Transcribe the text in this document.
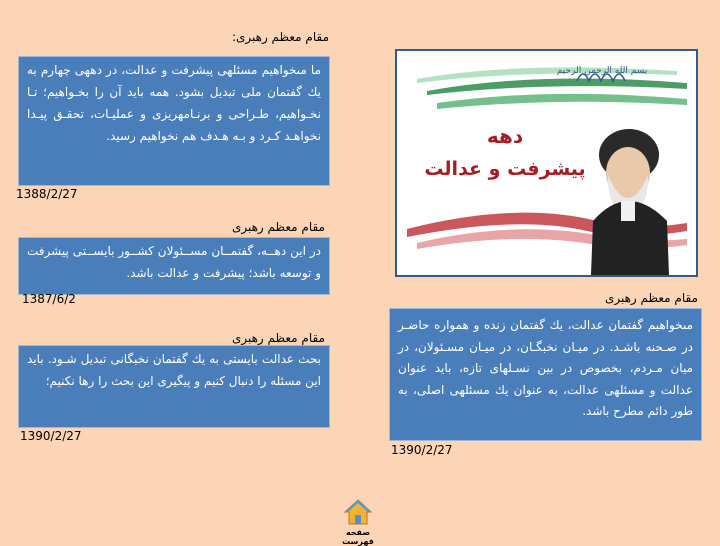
مقام معظم رهبری:
ما مىخواهيم مسئلهى پيشرفت و عدالت، در دههى چهارم به يك گفتمان ملى تبديل بشود. همه بايد آن را بخـواهيم؛ تـا نخـواهيم، طـراحى و برنـامهريزى و عمليـات، تحقـق پيـدا نخواهـد كـرد و بـه هـدف هم نخواهيم رسيد.
1388/2/27
مقام معظم رهبری
در اين دهــه، گفتمــان مســئولان كشــور بايســتى پيشرفت و توسعه باشد؛ پيشرفت و عدالت باشد.
1387/6/2
مقام معظم رهبری
بحث عدالت بايستى به يك گفتمان نخبگانى تبديل شـود. بايد اين مسئله را دنبال كنيم و پيگيرى اين بحث را رها نكنيم؛
1390/2/27
بسم الله الرحمن الرحيم
دهه
پيشرفت و عدالت
مقام معظم رهبری
مىخواهيم گفتمان عدالت، يك گفتمان زنده و همواره حاضـر در صـحنه باشـد. در ميـان نخبگـان، در ميـان مسـئولان، در ميان مـردم، بخصوص در بين نسـلهاى تازه، بايد عنوان عدالت و مسئلهى عدالت، به عنوان يك مسئلهى اصلى، به طور دائم مطرح باشد.
1390/2/27
صفحه فهرست
